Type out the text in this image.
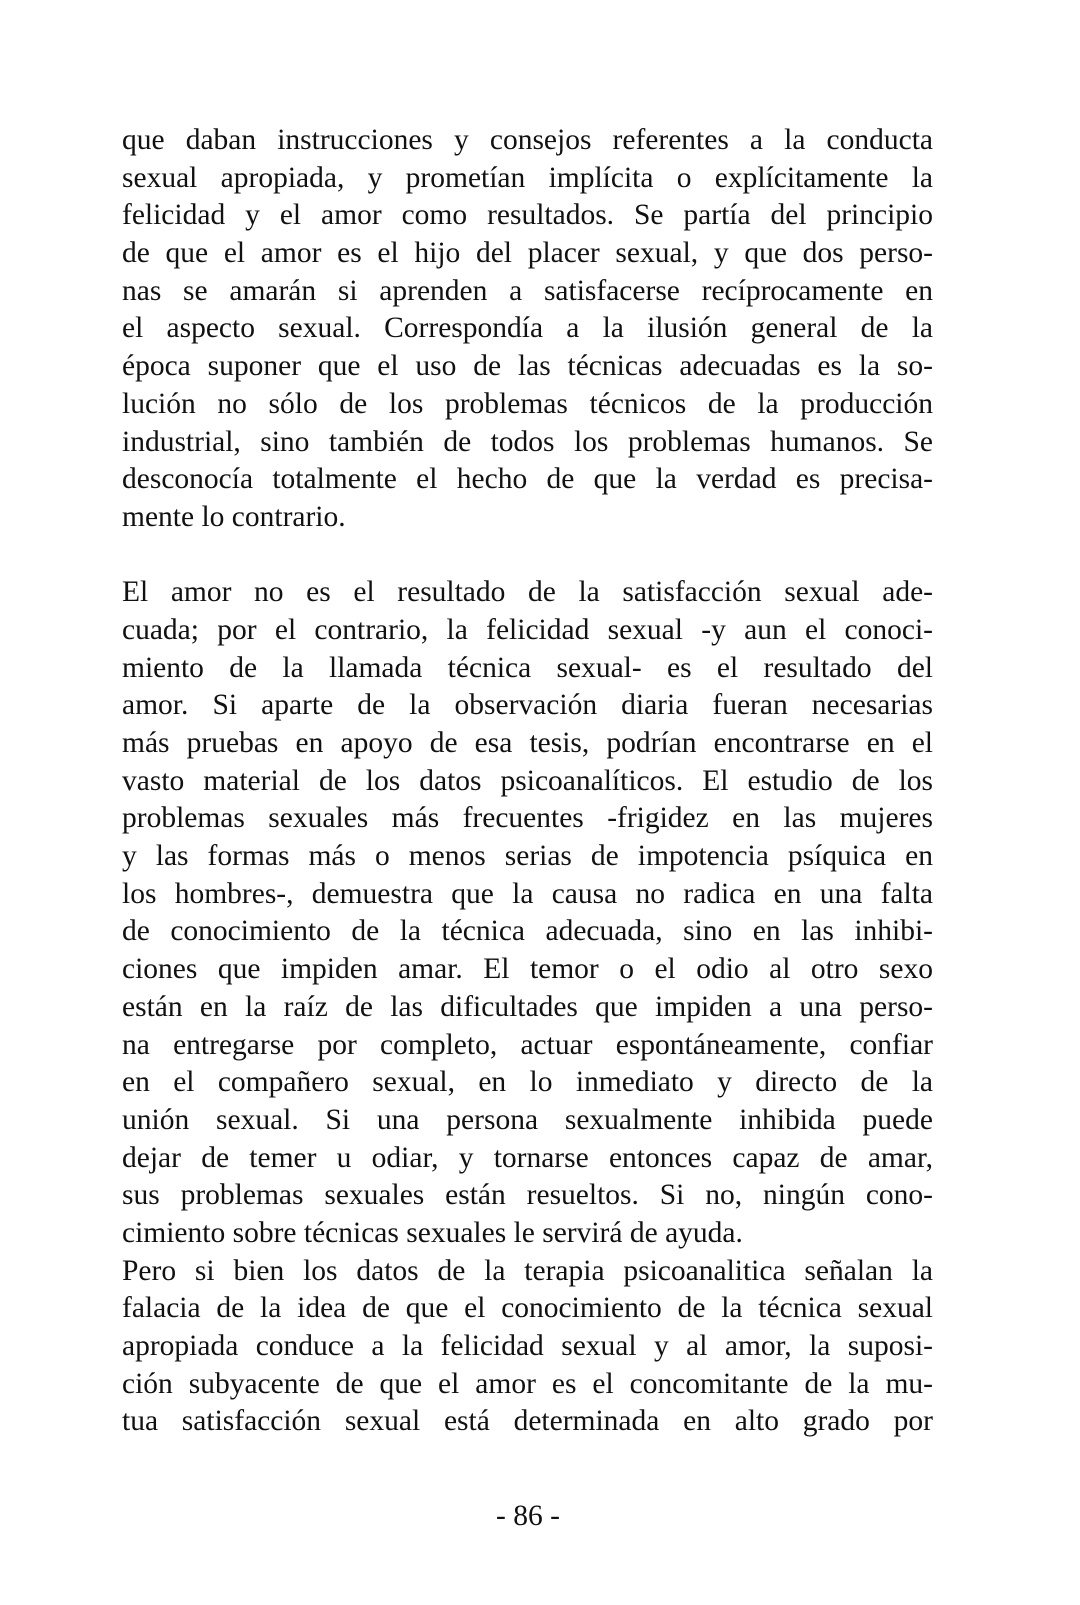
que daban instrucciones y consejos referentes a la conducta
sexual apropiada, y prometían implícita o explícitamente la
felicidad y el amor como resultados. Se partía del principio
de que el amor es el hijo del placer sexual, y que dos perso-
nas se amarán si aprenden a satisfacerse recíprocamente en
el aspecto sexual. Correspondía a la ilusión general de la
época suponer que el uso de las técnicas adecuadas es la so-
lución no sólo de los problemas técnicos de la producción
industrial, sino también de todos los problemas humanos. Se
desconocía totalmente el hecho de que la verdad es precisa-
mente lo contrario.
El amor no es el resultado de la satisfacción sexual ade-
cuada; por el contrario, la felicidad sexual -y aun el conoci-
miento de la llamada técnica sexual- es el resultado del
amor. Si aparte de la observación diaria fueran necesarias
más pruebas en apoyo de esa tesis, podrían encontrarse en el
vasto material de los datos psicoanalíticos. El estudio de los
problemas sexuales más frecuentes -frigidez en las mujeres
y las formas más o menos serias de impotencia psíquica en
los hombres-, demuestra que la causa no radica en una falta
de conocimiento de la técnica adecuada, sino en las inhibi-
ciones que impiden amar. El temor o el odio al otro sexo
están en la raíz de las dificultades que impiden a una perso-
na entregarse por completo, actuar espontáneamente, confiar
en el compañero sexual, en lo inmediato y directo de la
unión sexual. Si una persona sexualmente inhibida puede
dejar de temer u odiar, y tornarse entonces capaz de amar,
sus problemas sexuales están resueltos. Si no, ningún cono-
cimiento sobre técnicas sexuales le servirá de ayuda.
Pero si bien los datos de la terapia psicoanalitica señalan la
falacia de la idea de que el conocimiento de la técnica sexual
apropiada conduce a la felicidad sexual y al amor, la suposi-
ción subyacente de que el amor es el concomitante de la mu-
tua satisfacción sexual está determinada en alto grado por
- 86 -
